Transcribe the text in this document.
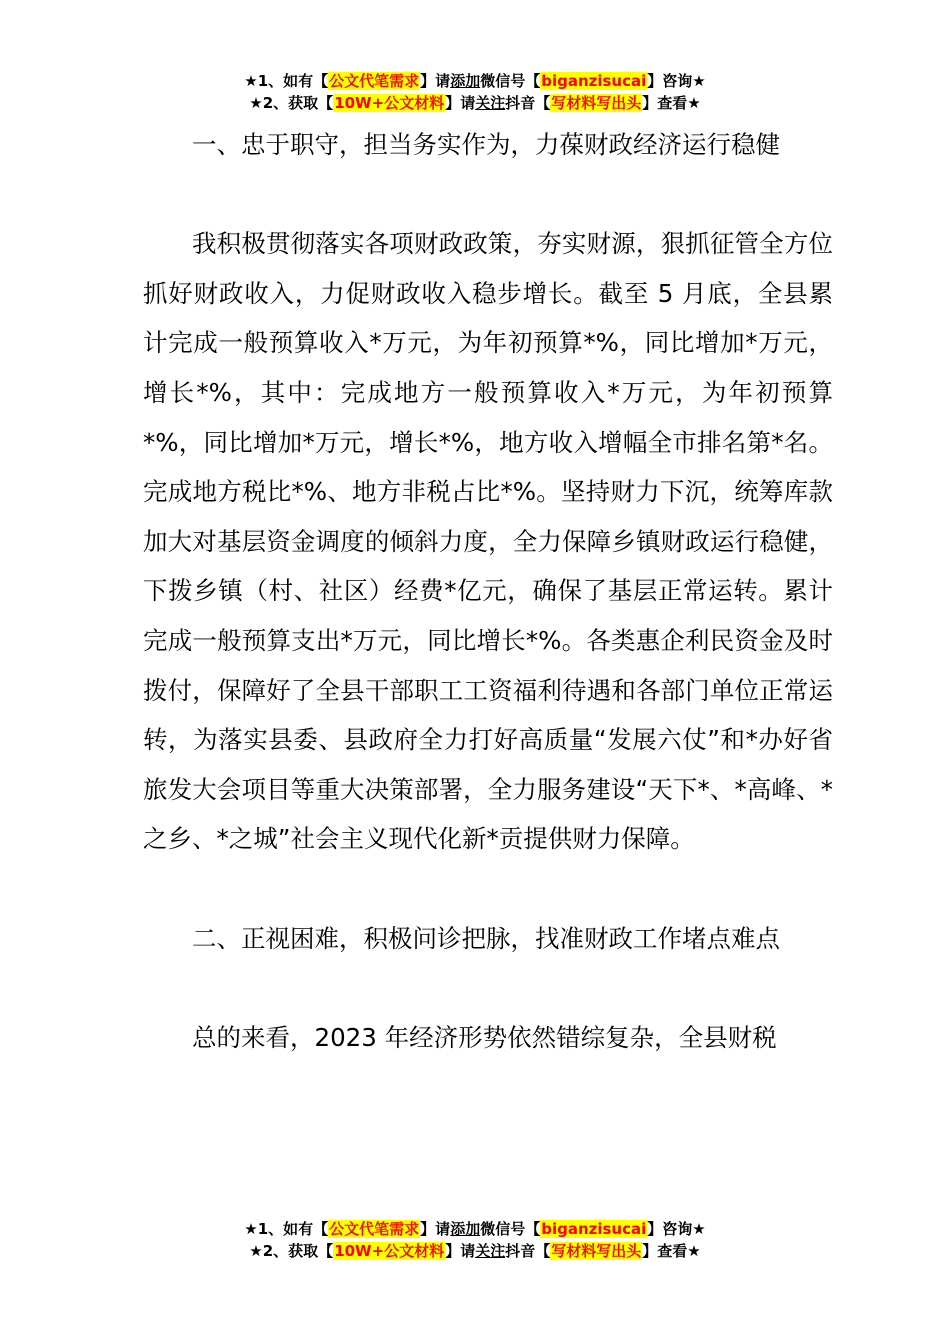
★1、如有【公文代笔需求】请添加微信号【biganzisucai】咨询★
★2、获取【10W+公文材料】请关注抖音【写材料写出头】查看★

一、忠于职守，担当务实作为，力葆财政经济运行稳健

我积极贯彻落实各项财政政策，夯实财源，狠抓征管全方位抓好财政收入，力促财政收入稳步增长。截至 5 月底，全县累计完成一般预算收入*万元，为年初预算*%，同比增加*万元，增长*%，其中：完成地方一般预算收入*万元，为年初预算*%，同比增加*万元，增长*%，地方收入增幅全市排名第*名。完成地方税比*%、地方非税占比*%。坚持财力下沉，统筹库款加大对基层资金调度的倾斜力度，全力保障乡镇财政运行稳健，下拨乡镇（村、社区）经费*亿元，确保了基层正常运转。累计完成一般预算支出*万元，同比增长*%。各类惠企利民资金及时拨付，保障好了全县干部职工工资福利待遇和各部门单位正常运转，为落实县委、县政府全力打好高质量“发展六仗”和*办好省旅发大会项目等重大决策部署，全力服务建设“天下*、*高峰、*之乡、*之城”社会主义现代化新*贡提供财力保障。

二、正视困难，积极问诊把脉，找准财政工作堵点难点

总的来看，2023 年经济形势依然错综复杂，全县财税

★1、如有【公文代笔需求】请添加微信号【biganzisucai】咨询★
★2、获取【10W+公文材料】请关注抖音【写材料写出头】查看★
